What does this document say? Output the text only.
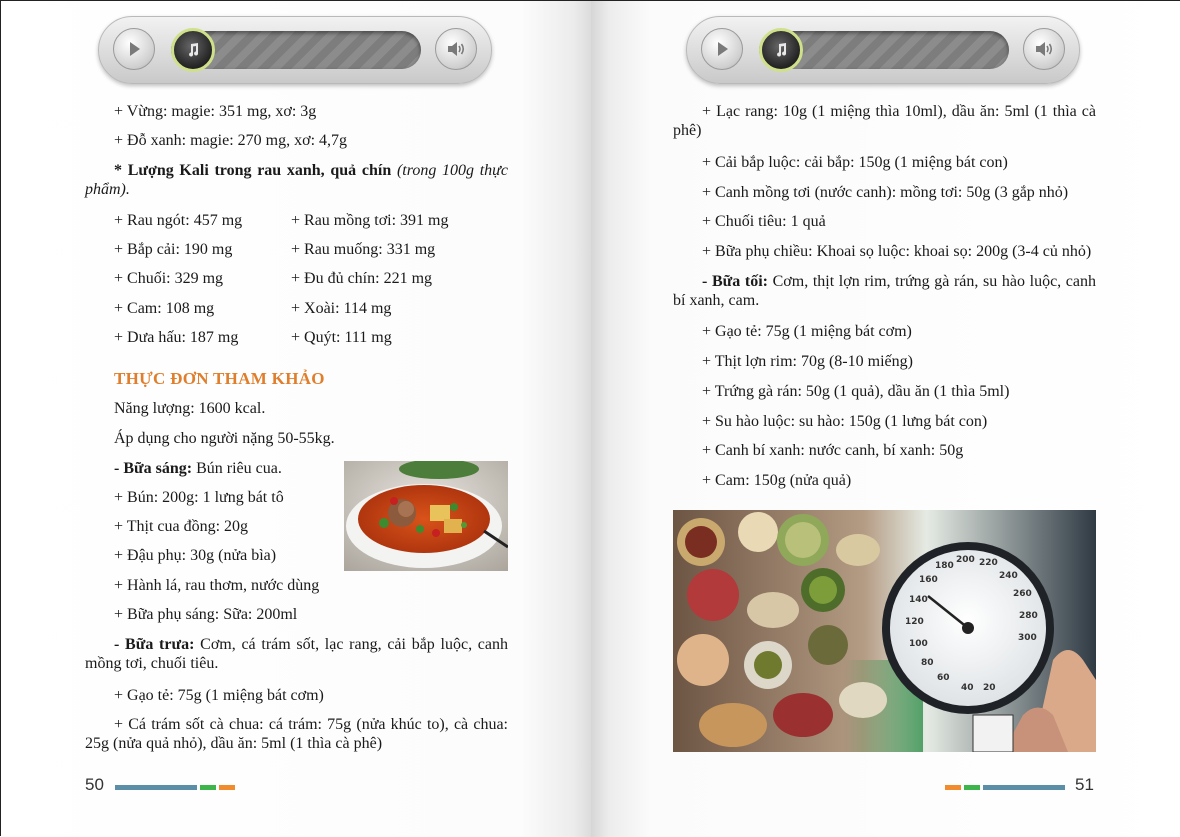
+ Vừng: magie: 351 mg, xơ: 3g
+ Đỗ xanh: magie: 270 mg, xơ: 4,7g
* Lượng Kali trong rau xanh, quả chín (trong 100g thực phẩm).
+ Rau ngót: 457 mg	+ Rau mồng tơi: 391 mg
+ Bắp cải: 190 mg	+ Rau muống: 331 mg
+ Chuối: 329 mg	+ Đu đủ chín: 221 mg
+ Cam: 108 mg	+ Xoài: 114 mg
+ Dưa hấu: 187 mg	+ Quýt: 111 mg
THỰC ĐƠN THAM KHẢO
Năng lượng: 1600 kcal.
Áp dụng cho người nặng 50-55kg.
- Bữa sáng: Bún riêu cua.
+ Bún: 200g: 1 lưng bát tô
+ Thịt cua đồng: 20g
+ Đậu phụ: 30g (nửa bìa)
+ Hành lá, rau thơm, nước dùng
+ Bữa phụ sáng: Sữa: 200ml
- Bữa trưa: Cơm, cá trám sốt, lạc rang, cải bắp luộc, canh mồng tơi, chuối tiêu.
+ Gạo tẻ: 75g (1 miệng bát cơm)
+ Cá trám sốt cà chua: cá trám: 75g (nửa khúc to), cà chua: 25g (nửa quả nhỏ), dầu ăn: 5ml (1 thìa cà phê)
50
+ Lạc rang: 10g (1 miệng thìa 10ml), dầu ăn: 5ml (1 thìa cà phê)
+ Cải bắp luộc: cải bắp: 150g (1 miệng bát con)
+ Canh mồng tơi (nước canh): mồng tơi: 50g (3 gắp nhỏ)
+ Chuối tiêu: 1 quả
+ Bữa phụ chiều: Khoai sọ luộc: khoai sọ: 200g (3-4 củ nhỏ)
- Bữa tối: Cơm, thịt lợn rim, trứng gà rán, su hào luộc, canh bí xanh, cam.
+ Gạo tẻ: 75g (1 miệng bát cơm)
+ Thịt lợn rim: 70g (8-10 miếng)
+ Trứng gà rán: 50g (1 quả), dầu ăn (1 thìa 5ml)
+ Su hào luộc: su hào: 150g (1 lưng bát con)
+ Canh bí xanh: nước canh, bí xanh: 50g
+ Cam: 150g (nửa quả)
20
40
60
80
100
120
140
160
180
200 220
240
260
280
300
51
